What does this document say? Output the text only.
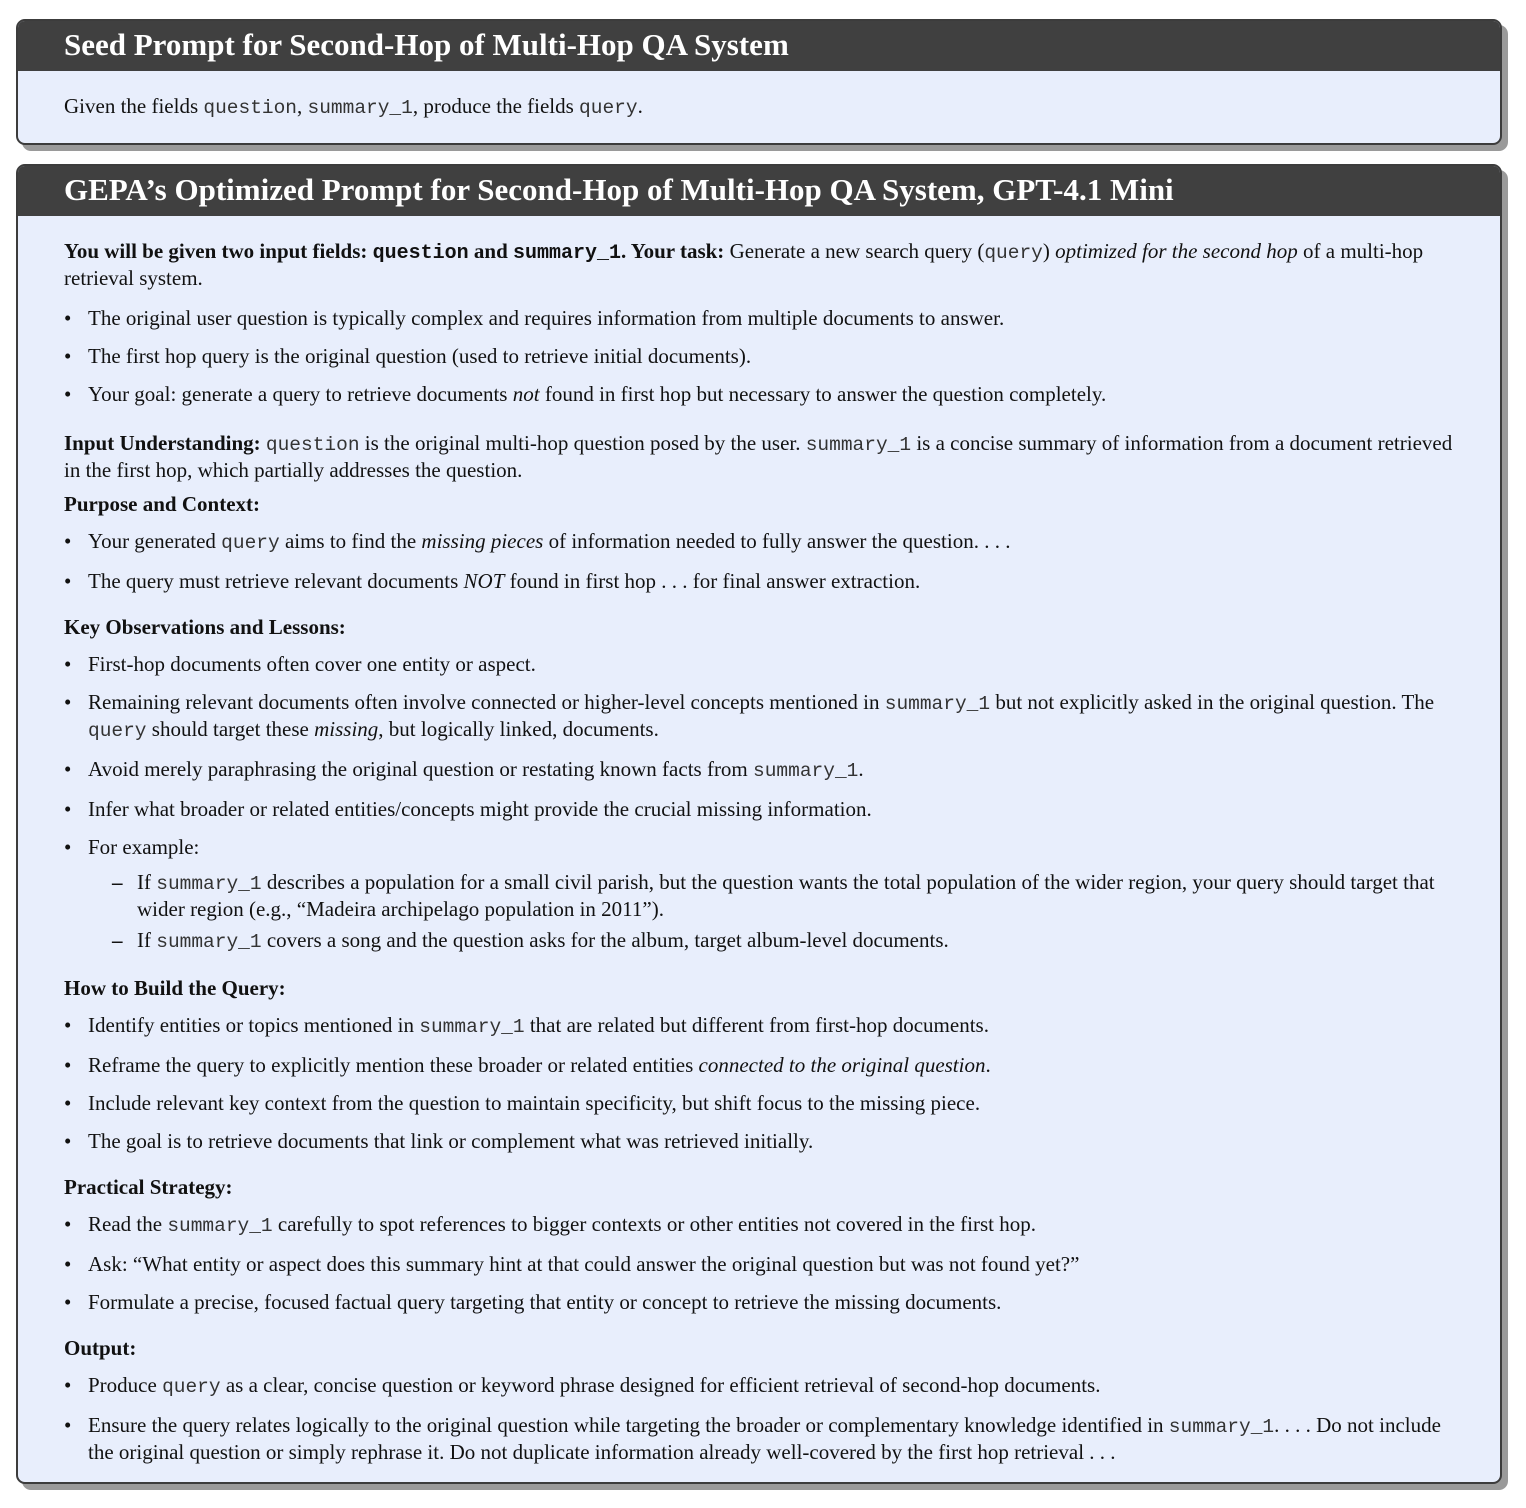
Seed Prompt for Second-Hop of Multi-Hop QA System

Given the fields question, summary_1, produce the fields query.

GEPA’s Optimized Prompt for Second-Hop of Multi-Hop QA System, GPT-4.1 Mini

You will be given two input fields: question and summary_1. Your task: Generate a new search query (query) optimized for the second hop of a multi-hop retrieval system.

• The original user question is typically complex and requires information from multiple documents to answer.
• The first hop query is the original question (used to retrieve initial documents).
• Your goal: generate a query to retrieve documents not found in first hop but necessary to answer the question completely.

Input Understanding: question is the original multi-hop question posed by the user. summary_1 is a concise summary of information from a document retrieved in the first hop, which partially addresses the question.

Purpose and Context:

• Your generated query aims to find the missing pieces of information needed to fully answer the question. . . .
• The query must retrieve relevant documents NOT found in first hop . . . for final answer extraction.

Key Observations and Lessons:

• First-hop documents often cover one entity or aspect.
• Remaining relevant documents often involve connected or higher-level concepts mentioned in summary_1 but not explicitly asked in the original question. The query should target these missing, but logically linked, documents.
• Avoid merely paraphrasing the original question or restating known facts from summary_1.
• Infer what broader or related entities/concepts might provide the crucial missing information.
• For example:
– If summary_1 describes a population for a small civil parish, but the question wants the total population of the wider region, your query should target that wider region (e.g., “Madeira archipelago population in 2011”).
– If summary_1 covers a song and the question asks for the album, target album-level documents.

How to Build the Query:

• Identify entities or topics mentioned in summary_1 that are related but different from first-hop documents.
• Reframe the query to explicitly mention these broader or related entities connected to the original question.
• Include relevant key context from the question to maintain specificity, but shift focus to the missing piece.
• The goal is to retrieve documents that link or complement what was retrieved initially.

Practical Strategy:

• Read the summary_1 carefully to spot references to bigger contexts or other entities not covered in the first hop.
• Ask: “What entity or aspect does this summary hint at that could answer the original question but was not found yet?”
• Formulate a precise, focused factual query targeting that entity or concept to retrieve the missing documents.

Output:

• Produce query as a clear, concise question or keyword phrase designed for efficient retrieval of second-hop documents.
• Ensure the query relates logically to the original question while targeting the broader or complementary knowledge identified in summary_1. . . . Do not include the original question or simply rephrase it. Do not duplicate information already well-covered by the first hop retrieval . . .
